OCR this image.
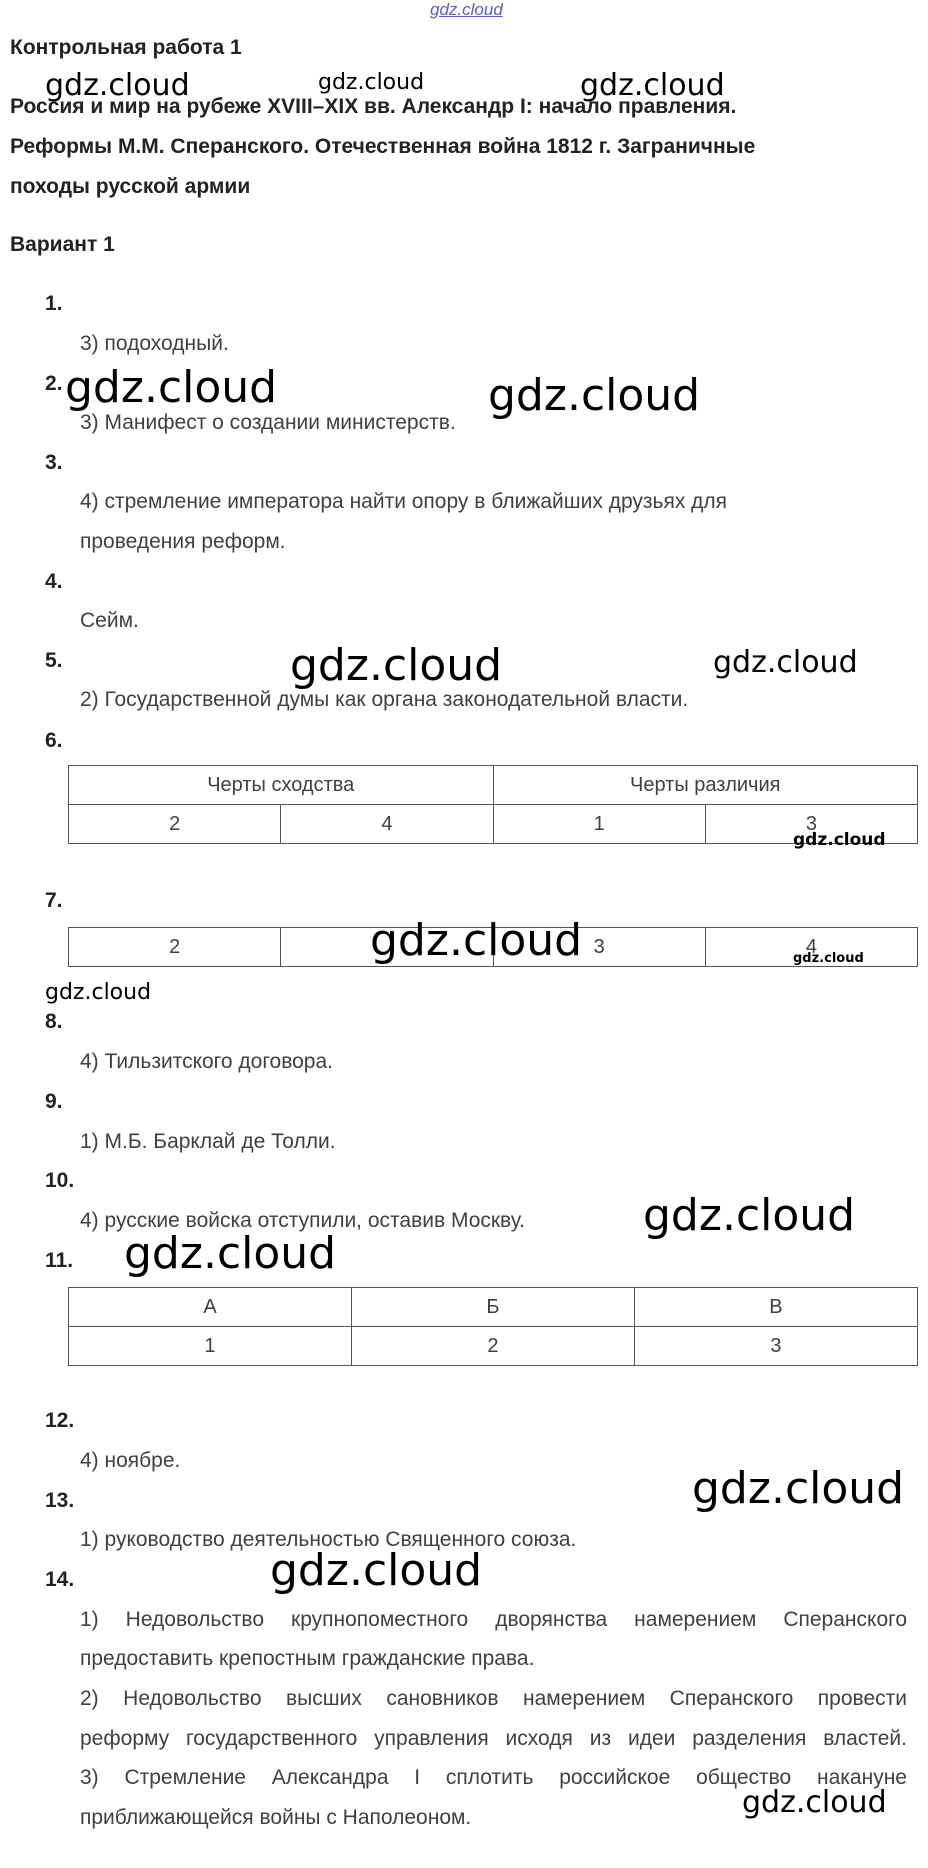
gdz.cloud
Контрольная работа 1
Россия и мир на рубеже XVIII–XIX вв. Александр I: начало правления.
Реформы М.М. Сперанского. Отечественная война 1812 г. Заграничные
походы русской армии
Вариант 1
1.
3) подоходный.
2.
3) Манифест о создании министерств.
3.
4) стремление императора найти опору в ближайших друзьях для
проведения реформ.
4.
Сейм.
5.
2) Государственной думы как органа законодательной власти.
6.
Черты сходства		Черты различия	
2	4	1	3
7.
2		3	4
8.
4) Тильзитского договора.
9.
1) М.Б. Барклай де Толли.
10.
4) русские войска отступили, оставив Москву.
11.
А	Б	В
1	2	3
12.
4) ноябре.
13.
1) руководство деятельностью Священного союза.
14.
1) Недовольство крупнопоместного дворянства намерением Сперанского
предоставить крепостным гражданские права.
2) Недовольство высших сановников намерением Сперанского провести
реформу государственного управления исходя из идеи разделения властей.
3) Стремление Александра I сплотить российское общество накануне
приближающейся войны с Наполеоном.
gdz.cloud	gdz.cloud	gdz.cloud
gdz.cloud	gdz.cloud
gdz.cloud	gdz.cloud
gdz.cloud
gdz.cloud	gdz.cloud
gdz.cloud
gdz.cloud
gdz.cloud
gdz.cloud
gdz.cloud
gdz.cloud
